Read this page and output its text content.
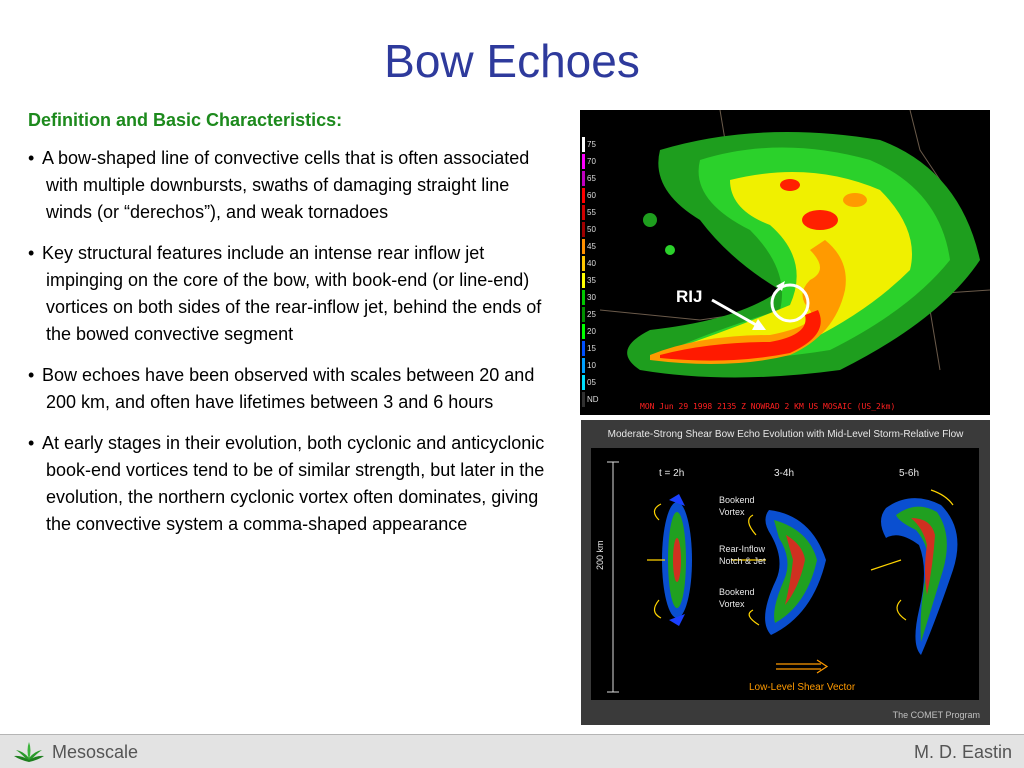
Bow Echoes

Definition and Basic Characteristics:

• A bow-shaped line of convective cells that is often associated with multiple downbursts, swaths of damaging straight line winds (or “derechos”), and weak tornadoes

• Key structural features include an intense rear inflow jet impinging on the core of the bow, with book-end (or line-end) vortices on both sides of the rear-inflow jet, behind the ends of the bowed convective segment

• Bow echoes have been observed with scales between 20 and 200 km, and often have lifetimes between 3 and 6 hours

• At early stages in their evolution, both cyclonic and anticyclonic book-end vortices tend to be of similar strength, but later in the evolution, the northern cyclonic vortex often dominates, giving the convective system a comma-shaped appearance

75
70
65
60
55
50
45
40
35
30
25
20
15
10
05
ND
RIJ
MON Jun 29 1998 2135 Z NOWRAD 2 KM US MOSAIC (US_2km)
Moderate-Strong Shear Bow Echo Evolution with Mid-Level Storm-Relative Flow
t = 2h	3-4h	5-6h
Bookend Vortex
Rear-Inflow Notch & Jet
Bookend Vortex
200 km
Low-Level Shear Vector
The COMET Program
Mesoscale	M. D. Eastin
